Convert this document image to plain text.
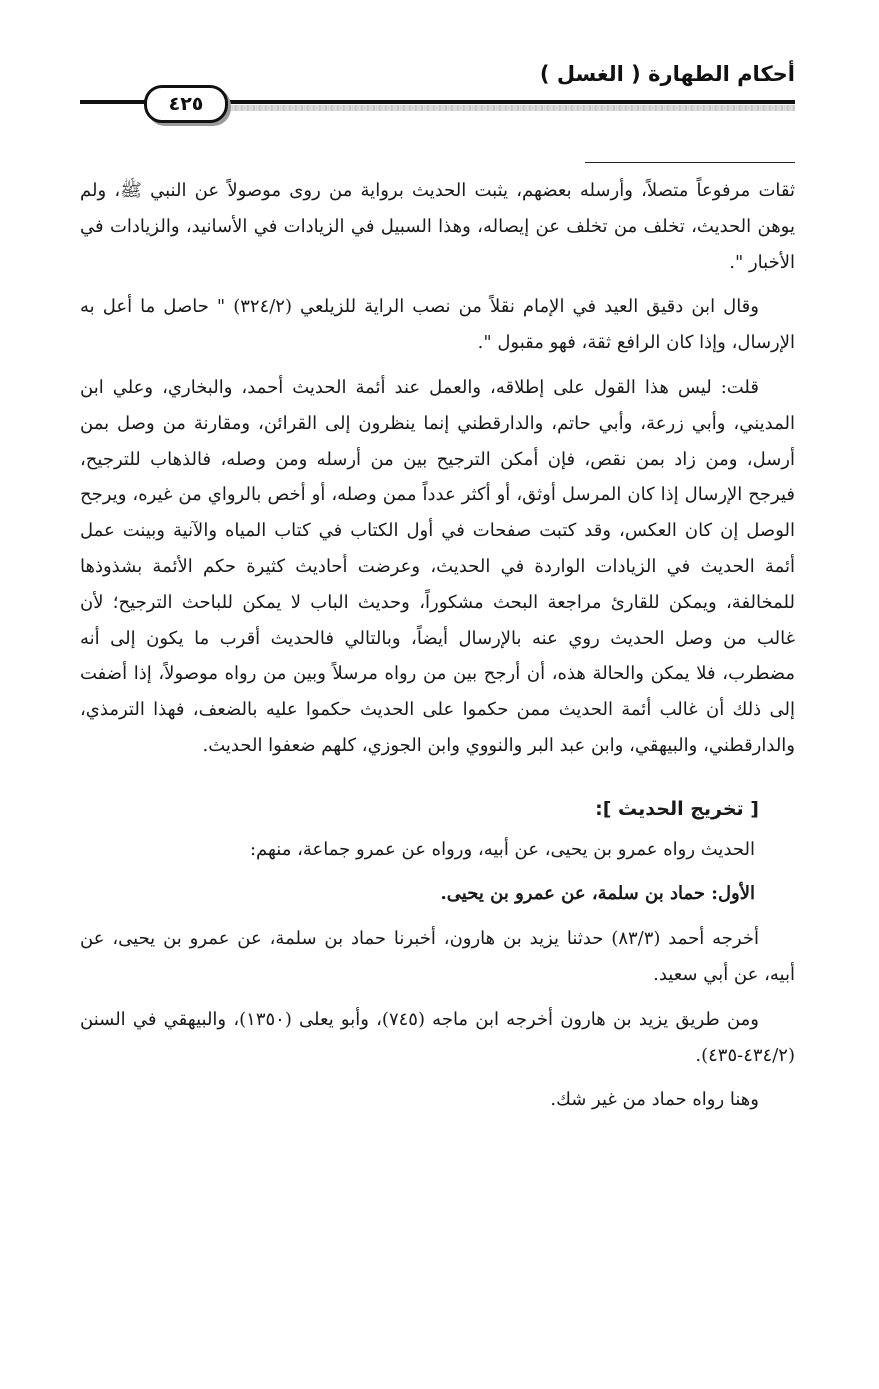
أحكام الطهارة ( الغسل )
٤٢٥

ثقات مرفوعاً متصلاً، وأرسله بعضهم، يثبت الحديث برواية من روى موصولاً عن النبي ﷺ، ولم يوهن الحديث، تخلف من تخلف عن إيصاله، وهذا السبيل في الزيادات في الأسانيد، والزيادات في الأخبار ".

وقال ابن دقيق العيد في الإمام نقلاً من نصب الراية للزيلعي (٣٢٤/٢) " حاصل ما أعل به الإرسال، وإذا كان الرافع ثقة، فهو مقبول ".

قلت: ليس هذا القول على إطلاقه، والعمل عند أئمة الحديث أحمد، والبخاري، وعلي ابن المديني، وأبي زرعة، وأبي حاتم، والدارقطني إنما ينظرون إلى القرائن، ومقارنة من وصل بمن أرسل، ومن زاد بمن نقص، فإن أمكن الترجيح بين من أرسله ومن وصله، فالذهاب للترجيح، فيرجح الإرسال إذا كان المرسل أوثق، أو أكثر عدداً ممن وصله، أو أخص بالرواي من غيره، ويرجح الوصل إن كان العكس، وقد كتبت صفحات في أول الكتاب في كتاب المياه والآنية وبينت عمل أئمة الحديث في الزيادات الواردة في الحديث، وعرضت أحاديث كثيرة حكم الأئمة بشذوذها للمخالفة، ويمكن للقارئ مراجعة البحث مشكوراً، وحديث الباب لا يمكن للباحث الترجيح؛ لأن غالب من وصل الحديث روي عنه بالإرسال أيضاً، وبالتالي فالحديث أقرب ما يكون إلى أنه مضطرب، فلا يمكن والحالة هذه، أن أرجح بين من رواه مرسلاً وبين من رواه موصولاً، إذا أضفت إلى ذلك أن غالب أئمة الحديث ممن حكموا على الحديث حكموا عليه بالضعف، فهذا الترمذي، والدارقطني، والبيهقي، وابن عبد البر والنووي وابن الجوزي، كلهم ضعفوا الحديث.

[ تخريج الحديث ]:

الحديث رواه عمرو بن يحيى، عن أبيه، ورواه عن عمرو جماعة، منهم:

الأول: حماد بن سلمة، عن عمرو بن يحيى.

أخرجه أحمد (٨٣/٣) حدثنا يزيد بن هارون، أخبرنا حماد بن سلمة، عن عمرو بن يحيى، عن أبيه، عن أبي سعيد.

ومن طريق يزيد بن هارون أخرجه ابن ماجه (٧٤٥)، وأبو يعلى (١٣٥٠)، والبيهقي في السنن (٤٣٤/٢-٤٣٥).

وهنا رواه حماد من غير شك.
